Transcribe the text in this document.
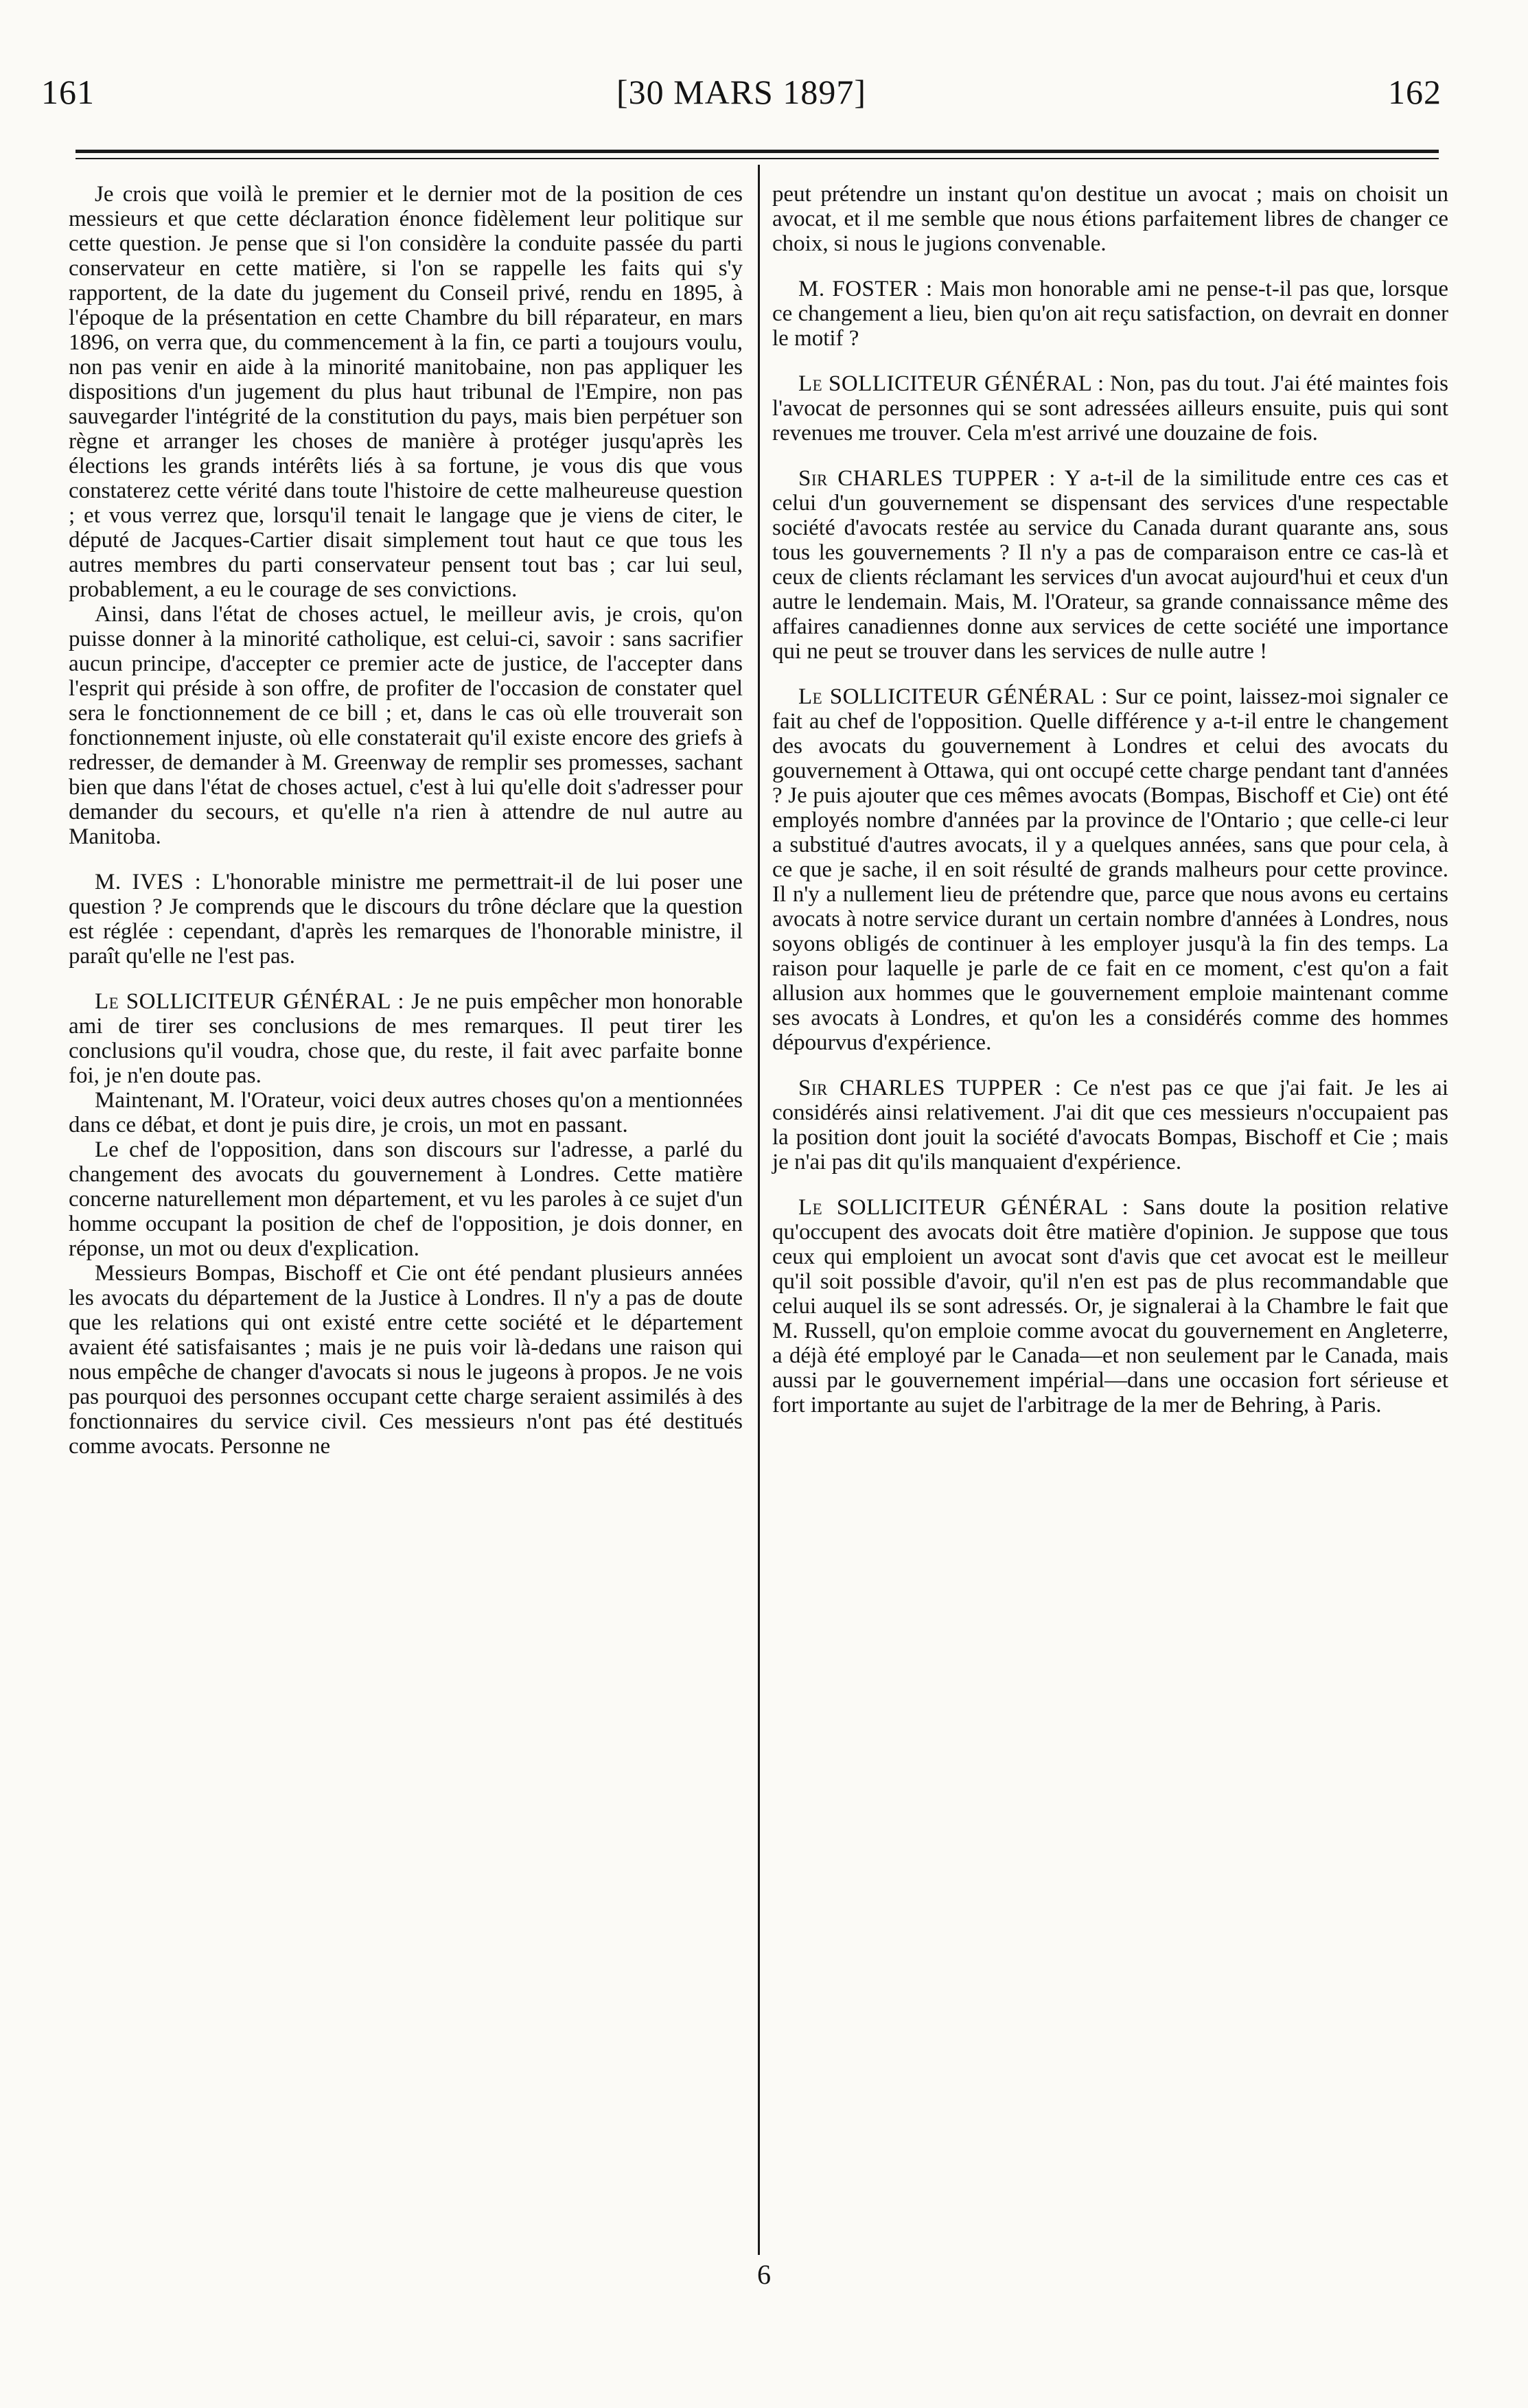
161	[30 MARS 1897]	162

Je crois que voilà le premier et le dernier mot de la position de ces messieurs et que cette déclaration énonce fidèlement leur politique sur cette question. Je pense que si l'on considère la conduite passée du parti conservateur en cette matière, si l'on se rappelle les faits qui s'y rapportent, de la date du jugement du Conseil privé, rendu en 1895, à l'époque de la présentation en cette Chambre du bill réparateur, en mars 1896, on verra que, du commencement à la fin, ce parti a toujours voulu, non pas venir en aide à la minorité manitobaine, non pas appliquer les dispositions d'un jugement du plus haut tribunal de l'Empire, non pas sauvegarder l'intégrité de la constitution du pays, mais bien perpétuer son règne et arranger les choses de manière à protéger jusqu'après les élections les grands intérêts liés à sa fortune, je vous dis que vous constaterez cette vérité dans toute l'histoire de cette malheureuse question ; et vous verrez que, lorsqu'il tenait le langage que je viens de citer, le député de Jacques-Cartier disait simplement tout haut ce que tous les autres membres du parti conservateur pensent tout bas ; car lui seul, probablement, a eu le courage de ses convictions.

Ainsi, dans l'état de choses actuel, le meilleur avis, je crois, qu'on puisse donner à la minorité catholique, est celui-ci, savoir : sans sacrifier aucun principe, d'accepter ce premier acte de justice, de l'accepter dans l'esprit qui préside à son offre, de profiter de l'occasion de constater quel sera le fonctionnement de ce bill ; et, dans le cas où elle trouverait son fonctionnement injuste, où elle constaterait qu'il existe encore des griefs à redresser, de demander à M. Greenway de remplir ses promesses, sachant bien que dans l'état de choses actuel, c'est à lui qu'elle doit s'adresser pour demander du secours, et qu'elle n'a rien à attendre de nul autre au Manitoba.

M. IVES : L'honorable ministre me permettrait-il de lui poser une question ? Je comprends que le discours du trône déclare que la question est réglée : cependant, d'après les remarques de l'honorable ministre, il paraît qu'elle ne l'est pas.

Le SOLLICITEUR GÉNÉRAL : Je ne puis empêcher mon honorable ami de tirer ses conclusions de mes remarques. Il peut tirer les conclusions qu'il voudra, chose que, du reste, il fait avec parfaite bonne foi, je n'en doute pas.

Maintenant, M. l'Orateur, voici deux autres choses qu'on a mentionnées dans ce débat, et dont je puis dire, je crois, un mot en passant.

Le chef de l'opposition, dans son discours sur l'adresse, a parlé du changement des avocats du gouvernement à Londres. Cette matière concerne naturellement mon département, et vu les paroles à ce sujet d'un homme occupant la position de chef de l'opposition, je dois donner, en réponse, un mot ou deux d'explication.

Messieurs Bompas, Bischoff et Cie ont été pendant plusieurs années les avocats du département de la Justice à Londres. Il n'y a pas de doute que les relations qui ont existé entre cette société et le département avaient été satisfaisantes ; mais je ne puis voir là-dedans une raison qui nous empêche de changer d'avocats si nous le jugeons à propos. Je ne vois pas pourquoi des personnes occupant cette charge seraient assimilés à des fonctionnaires du service civil. Ces messieurs n'ont pas été destitués comme avocats. Personne ne

peut prétendre un instant qu'on destitue un avocat ; mais on choisit un avocat, et il me semble que nous étions parfaitement libres de changer ce choix, si nous le jugions convenable.

M. FOSTER : Mais mon honorable ami ne pense-t-il pas que, lorsque ce changement a lieu, bien qu'on ait reçu satisfaction, on devrait en donner le motif ?

Le SOLLICITEUR GÉNÉRAL : Non, pas du tout. J'ai été maintes fois l'avocat de personnes qui se sont adressées ailleurs ensuite, puis qui sont revenues me trouver. Cela m'est arrivé une douzaine de fois.

Sir CHARLES TUPPER : Y a-t-il de la similitude entre ces cas et celui d'un gouvernement se dispensant des services d'une respectable société d'avocats restée au service du Canada durant quarante ans, sous tous les gouvernements ? Il n'y a pas de comparaison entre ce cas-là et ceux de clients réclamant les services d'un avocat aujourd'hui et ceux d'un autre le lendemain. Mais, M. l'Orateur, sa grande connaissance même des affaires canadiennes donne aux services de cette société une importance qui ne peut se trouver dans les services de nulle autre !

Le SOLLICITEUR GÉNÉRAL : Sur ce point, laissez-moi signaler ce fait au chef de l'opposition. Quelle différence y a-t-il entre le changement des avocats du gouvernement à Londres et celui des avocats du gouvernement à Ottawa, qui ont occupé cette charge pendant tant d'années ? Je puis ajouter que ces mêmes avocats (Bompas, Bischoff et Cie) ont été employés nombre d'années par la province de l'Ontario ; que celle-ci leur a substitué d'autres avocats, il y a quelques années, sans que pour cela, à ce que je sache, il en soit résulté de grands malheurs pour cette province. Il n'y a nullement lieu de prétendre que, parce que nous avons eu certains avocats à notre service durant un certain nombre d'années à Londres, nous soyons obligés de continuer à les employer jusqu'à la fin des temps. La raison pour laquelle je parle de ce fait en ce moment, c'est qu'on a fait allusion aux hommes que le gouvernement emploie maintenant comme ses avocats à Londres, et qu'on les a considérés comme des hommes dépourvus d'expérience.

Sir CHARLES TUPPER : Ce n'est pas ce que j'ai fait. Je les ai considérés ainsi relativement. J'ai dit que ces messieurs n'occupaient pas la position dont jouit la société d'avocats Bompas, Bischoff et Cie ; mais je n'ai pas dit qu'ils manquaient d'expérience.

Le SOLLICITEUR GÉNÉRAL : Sans doute la position relative qu'occupent des avocats doit être matière d'opinion. Je suppose que tous ceux qui emploient un avocat sont d'avis que cet avocat est le meilleur qu'il soit possible d'avoir, qu'il n'en est pas de plus recommandable que celui auquel ils se sont adressés. Or, je signalerai à la Chambre le fait que M. Russell, qu'on emploie comme avocat du gouvernement en Angleterre, a déjà été employé par le Canada—et non seulement par le Canada, mais aussi par le gouvernement impérial—dans une occasion fort sérieuse et fort importante au sujet de l'arbitrage de la mer de Behring, à Paris.

6
